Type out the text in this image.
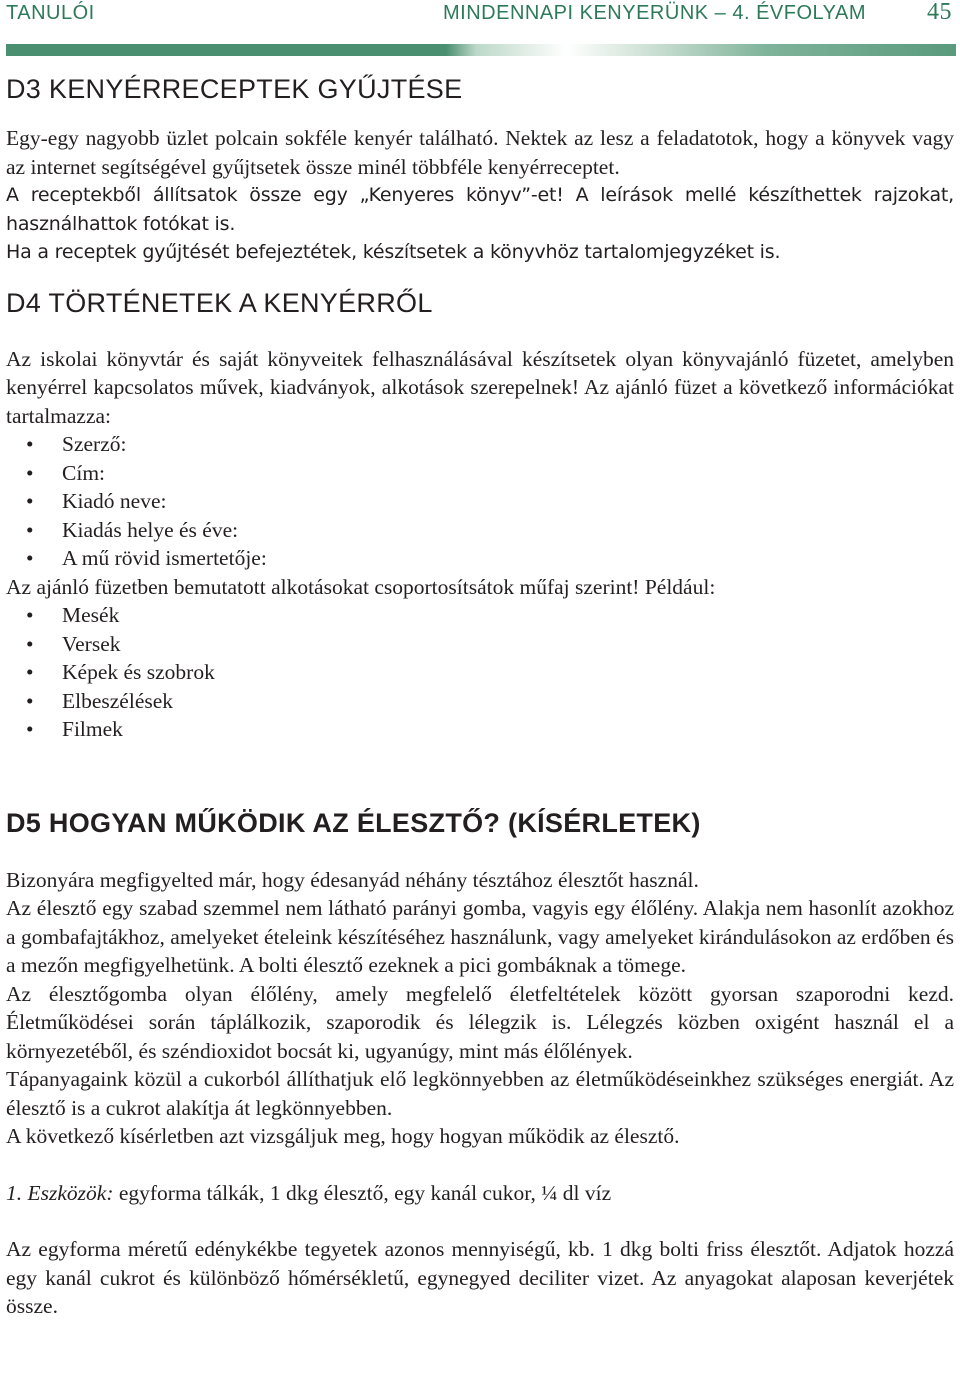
TANULÓI	MINDENNAPI KENYERÜNK – 4. ÉVFOLYAM	45
D3 KENYÉRRECEPTEK GYŰJTÉSE

Egy-egy nagyobb üzlet polcain sokféle kenyér található. Nektek az lesz a feladatotok, hogy a könyvek vagy az internet segítségével gyűjtsetek össze minél többféle kenyérreceptet.

A receptekből állítsatok össze egy „Kenyeres könyv”-et! A leírások mellé készíthettek rajzokat, használhattok fotókat is.

Ha a receptek gyűjtését befejeztétek, készítsetek a könyvhöz tartalomjegyzéket is.

D4 TÖRTÉNETEK A KENYÉRRŐL

Az iskolai könyvtár és saját könyveitek felhasználásával készítsetek olyan könyvajánló füzetet, amelyben kenyérrel kapcsolatos művek, kiadványok, alkotások szerepelnek! Az ajánló füzet a következő információkat tartalmazza:

• Szerző:
• Cím:
• Kiadó neve:
• Kiadás helye és éve:
• A mű rövid ismertetője:

Az ajánló füzetben bemutatott alkotásokat csoportosítsátok műfaj szerint! Például:

• Mesék
• Versek
• Képek és szobrok
• Elbeszélések
• Filmek
D5 HOGYAN MŰKÖDIK AZ ÉLESZTŐ? (KÍSÉRLETEK)

Bizonyára megfigyelted már, hogy édesanyád néhány tésztához élesztőt használ.

Az élesztő egy szabad szemmel nem látható parányi gomba, vagyis egy élőlény. Alakja nem hasonlít azokhoz a gombafajtákhoz, amelyeket ételeink készítéséhez használunk, vagy amelyeket kirándulásokon az erdőben és a mezőn megfigyelhetünk. A bolti élesztő ezeknek a pici gombáknak a tömege.

Az élesztőgomba olyan élőlény, amely megfelelő életfeltételek között gyorsan szaporodni kezd. Életműködései során táplálkozik, szaporodik és lélegzik is. Lélegzés közben oxigént használ el a környezetéből, és széndioxidot bocsát ki, ugyanúgy, mint más élőlények.

Tápanyagaink közül a cukorból állíthatjuk elő legkönnyebben az életműködéseinkhez szükséges energiát. Az élesztő is a cukrot alakítja át legkönnyebben.

A következő kísérletben azt vizsgáljuk meg, hogy hogyan működik az élesztő.

1. Eszközök: egyforma tálkák, 1 dkg élesztő, egy kanál cukor, ¼ dl víz

Az egyforma méretű edénykékbe tegyetek azonos mennyiségű, kb. 1 dkg bolti friss élesztőt. Adjatok hozzá egy kanál cukrot és különböző hőmérsékletű, egynegyed deciliter vizet. Az anyagokat alaposan keverjétek össze.
